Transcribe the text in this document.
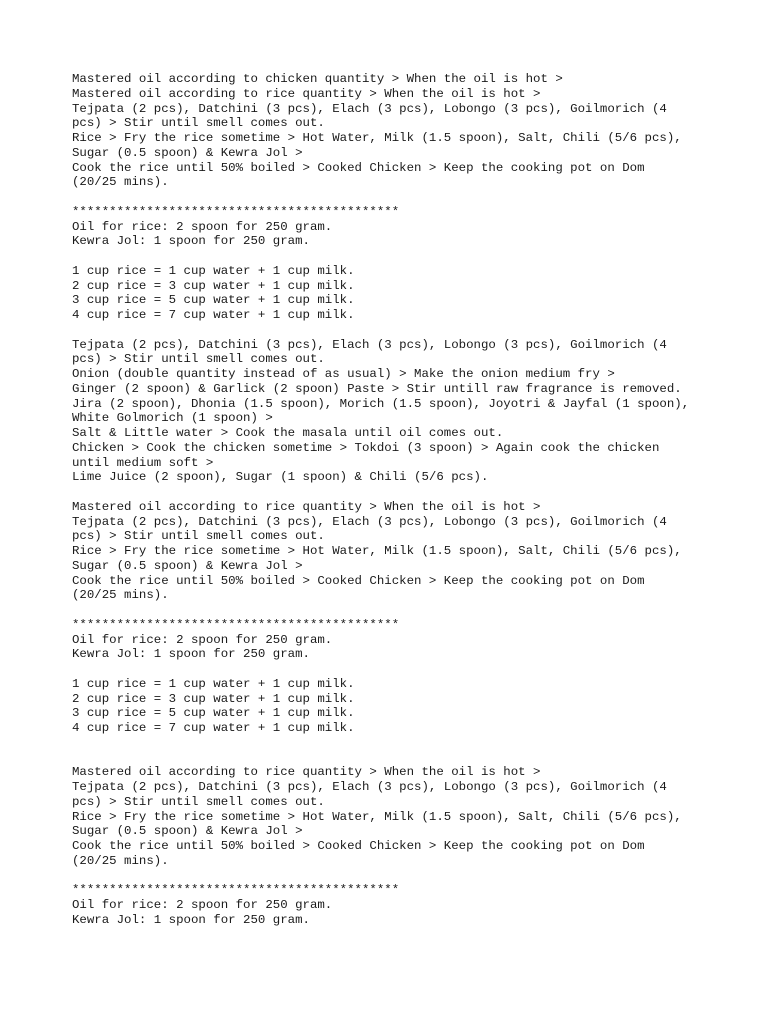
Mastered oil according to chicken quantity > When the oil is hot >
Mastered oil according to rice quantity > When the oil is hot >
Tejpata (2 pcs), Datchini (3 pcs), Elach (3 pcs), Lobongo (3 pcs), Goilmorich (4
pcs) > Stir until smell comes out.
Rice > Fry the rice sometime > Hot Water, Milk (1.5 spoon), Salt, Chili (5/6 pcs),
Sugar (0.5 spoon) & Kewra Jol >
Cook the rice until 50% boiled > Cooked Chicken > Keep the cooking pot on Dom
(20/25 mins).
********************************************
Oil for rice: 2 spoon for 250 gram.
Kewra Jol: 1 spoon for 250 gram.
1 cup rice = 1 cup water + 1 cup milk.
2 cup rice = 3 cup water + 1 cup milk.
3 cup rice = 5 cup water + 1 cup milk.
4 cup rice = 7 cup water + 1 cup milk.
Tejpata (2 pcs), Datchini (3 pcs), Elach (3 pcs), Lobongo (3 pcs), Goilmorich (4
pcs) > Stir until smell comes out.
Onion (double quantity instead of as usual) > Make the onion medium fry >
Ginger (2 spoon) & Garlick (2 spoon) Paste > Stir untill raw fragrance is removed.
Jira (2 spoon), Dhonia (1.5 spoon), Morich (1.5 spoon), Joyotri & Jayfal (1 spoon),
White Golmorich (1 spoon) >
Salt & Little water > Cook the masala until oil comes out.
Chicken > Cook the chicken sometime > Tokdoi (3 spoon) > Again cook the chicken
until medium soft >
Lime Juice (2 spoon), Sugar (1 spoon) & Chili (5/6 pcs).
Mastered oil according to rice quantity > When the oil is hot >
Tejpata (2 pcs), Datchini (3 pcs), Elach (3 pcs), Lobongo (3 pcs), Goilmorich (4
pcs) > Stir until smell comes out.
Rice > Fry the rice sometime > Hot Water, Milk (1.5 spoon), Salt, Chili (5/6 pcs),
Sugar (0.5 spoon) & Kewra Jol >
Cook the rice until 50% boiled > Cooked Chicken > Keep the cooking pot on Dom
(20/25 mins).
********************************************
Oil for rice: 2 spoon for 250 gram.
Kewra Jol: 1 spoon for 250 gram.
1 cup rice = 1 cup water + 1 cup milk.
2 cup rice = 3 cup water + 1 cup milk.
3 cup rice = 5 cup water + 1 cup milk.
4 cup rice = 7 cup water + 1 cup milk.
Mastered oil according to rice quantity > When the oil is hot >
Tejpata (2 pcs), Datchini (3 pcs), Elach (3 pcs), Lobongo (3 pcs), Goilmorich (4
pcs) > Stir until smell comes out.
Rice > Fry the rice sometime > Hot Water, Milk (1.5 spoon), Salt, Chili (5/6 pcs),
Sugar (0.5 spoon) & Kewra Jol >
Cook the rice until 50% boiled > Cooked Chicken > Keep the cooking pot on Dom
(20/25 mins).
********************************************
Oil for rice: 2 spoon for 250 gram.
Kewra Jol: 1 spoon for 250 gram.
